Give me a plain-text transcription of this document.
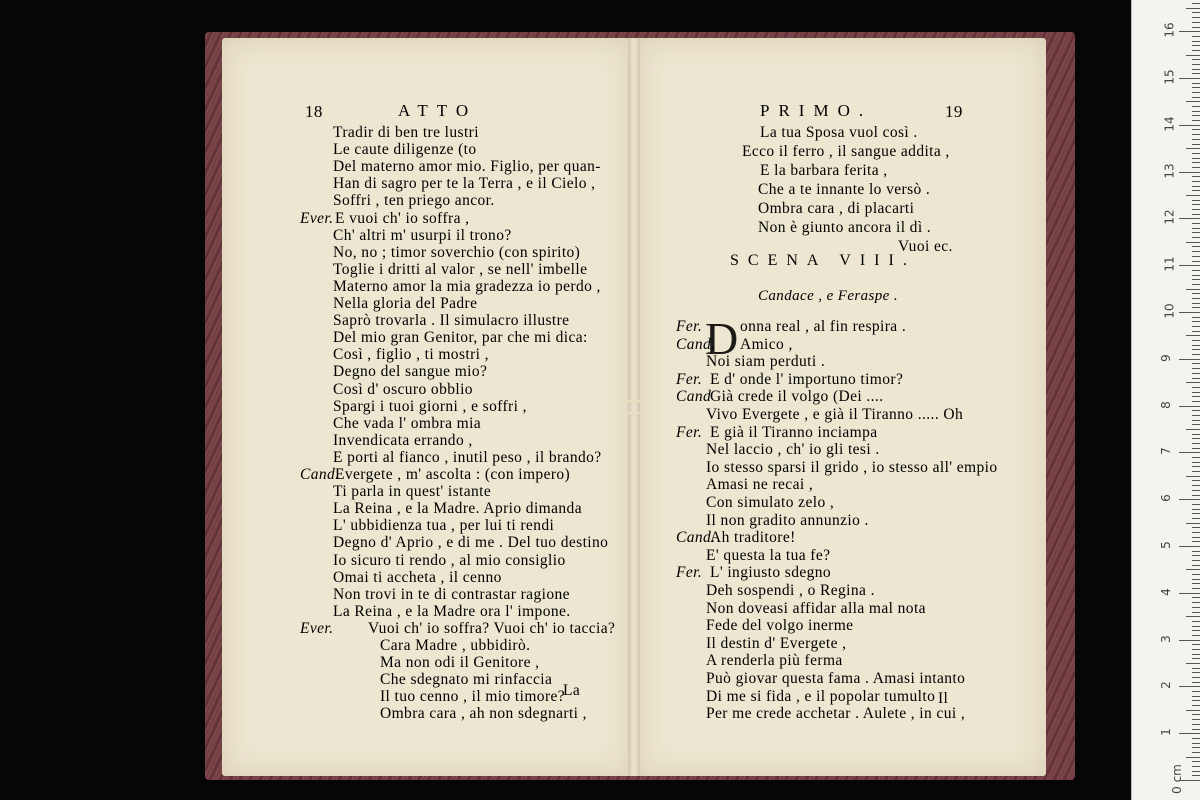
18	ATTO
Tradir di ben tre lustri
Le caute diligenze (to
Del materno amor mio. Figlio, per quan-
Han di sagro per te la Terra , e il Cielo ,
Soffri , ten priego ancor.
Ever. E vuoi ch' io soffra ,
Ch' altri m' usurpi il trono?
No, no ; timor soverchio (con spirito)
Toglie i dritti al valor , se nell' imbelle
Materno amor la mia gradezza io perdo ,
Nella gloria del Padre
Saprò trovarla . Il simulacro illustre
Del mio gran Genitor, par che mi dica:
Così , figlio , ti mostri ,
Degno del sangue mio?
Così d' oscuro obblio
Spargi i tuoi giorni , e soffri ,
Che vada l' ombra mia
Invendicata errando ,
E porti al fianco , inutil peso , il brando?
Cand.
Evergete , m' ascolta : (con impero)
Ti parla in quest' istante
La Reina , e la Madre. Aprio dimanda
L' ubbidienza tua , per lui ti rendi
Degno d' Aprio , e di me . Del tuo destino
Io sicuro ti rendo , al mio consiglio
Omai ti accheta , il cenno
Non trovi in te di contrastar ragione
La Reina , e la Madre ora l' impone.
Ever. Vuoi ch' io soffra? Vuoi ch' io taccia?
Cara Madre , ubbidirò.
Ma non odi il Genitore ,
Che sdegnato mi rinfaccia
Il tuo cenno , il mio timore?
Ombra cara , ah non sdegnarti ,
La
PRIMO.	19
La tua Sposa vuol così .
Ecco il ferro , il sangue addita ,
E la barbara ferita ,
Che a te innante lo versò .
Ombra cara , di placarti
Non è giunto ancora il dì .
Vuoi ec.
SCENA VIII.
Candace , e Feraspe .
D
Fer. onna real , al fin respira .
Cand. Amico ,
Noi siam perduti .
Fer. E d' onde l' importuno timor?
Cand
Già crede il volgo (Dei ....
Vivo Evergete , e già il Tiranno ..... Oh
Fer. E già il Tiranno inciampa
Nel laccio , ch' io gli tesi .
Io stesso sparsi il grido , io stesso all' empio
Amasi ne recai ,
Con simulato zelo ,
Il non gradito annunzio .
Cand.
Ah traditore!
E' questa la tua fe?
Fer. L' ingiusto sdegno
Deh sospendi , o Regina .
Non doveasi affidar alla mal nota
Fede del volgo inerme
Il destin d' Evergete ,
A renderla più ferma
Può giovar questa fama . Amasi intanto
Di me si fida , e il popolar tumulto
Per me crede acchetar . Aulete , in cui ,
Il
0 cm
1
2
3
4
5
6
7
8
9
10
11
12
13
14
15
16
